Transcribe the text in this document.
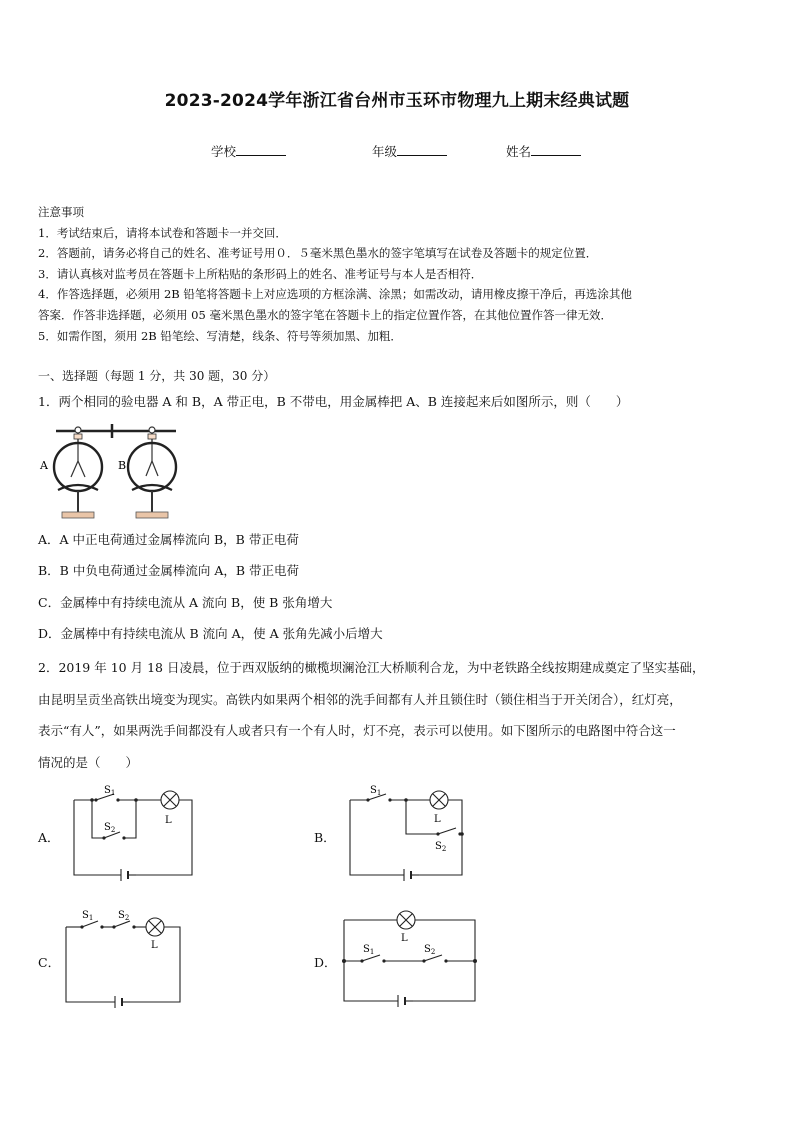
2023-2024学年浙江省台州市玉环市物理九上期末经典试题
学校	年级	姓名

注意事项

1．考试结束后，请将本试卷和答题卡一并交回．

2．答题前，请务必将自己的姓名、准考证号用０．５毫米黑色墨水的签字笔填写在试卷及答题卡的规定位置．

3．请认真核对监考员在答题卡上所粘贴的条形码上的姓名、准考证号与本人是否相符．

4．作答选择题，必须用 2B 铅笔将答题卡上对应选项的方框涂满、涂黑；如需改动，请用橡皮擦干净后，再选涂其他

答案．作答非选择题，必须用 05 毫米黑色墨水的签字笔在答题卡上的指定位置作答，在其他位置作答一律无效．

5．如需作图，须用 2B 铅笔绘、写清楚，线条、符号等须加黑、加粗．

一、选择题（每题 1 分，共 30 题，30 分）
1．两个相同的验电器 A 和 B，A 带正电，B 不带电，用金属棒把 A、B 连接起来后如图所示，则（　　）
A	B
A．A 中正电荷通过金属棒流向 B，B 带正电荷
B．B 中负电荷通过金属棒流向 A，B 带正电荷
C．金属棒中有持续电流从 A 流向 B，使 B 张角增大
D．金属棒中有持续电流从 B 流向 A，使 A 张角先减小后增大
2．2019 年 10 月 18 日凌晨，位于西双版纳的橄榄坝澜沧江大桥顺利合龙，为中老铁路全线按期建成奠定了坚实基础，
由昆明呈贡坐高铁出境变为现实。高铁内如果两个相邻的洗手间都有人并且锁住时（锁住相当于开关闭合），红灯亮，
表示“有人”，如果两洗手间都没有人或者只有一个有人时，灯不亮，表示可以使用。如下图所示的电路图中符合这一
情况的是（　　）
A．	B．
C．	D．
$S_1$
$S_2$
L
$S_1$
$S_2$
L
$S_1$ $S_2$
L	$S_1$	$S_2$
L
